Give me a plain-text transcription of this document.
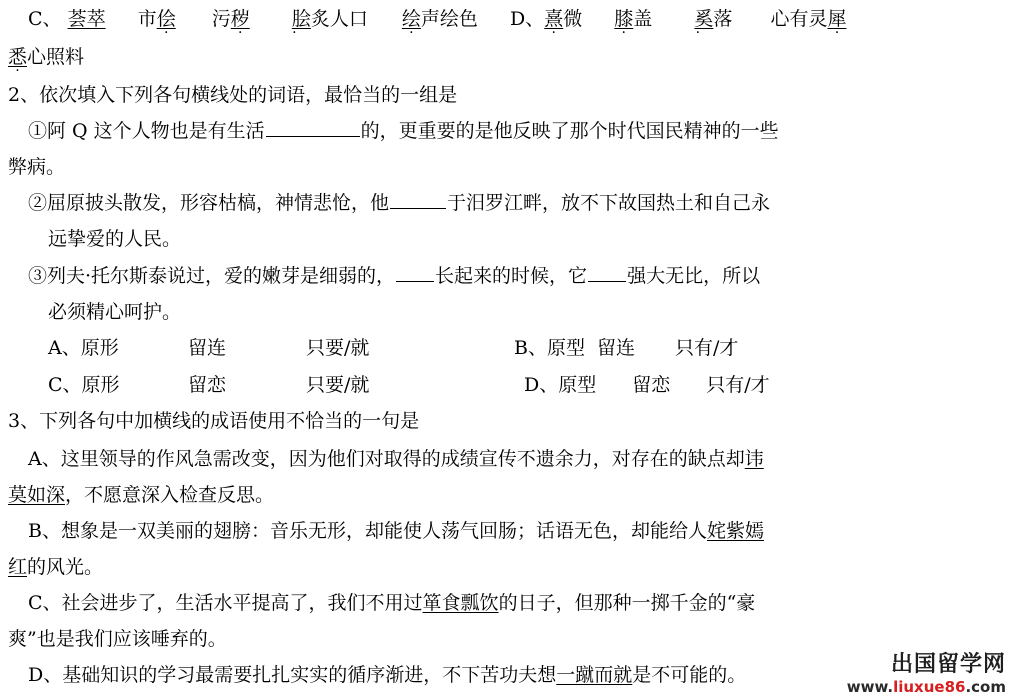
C、 荟萃 市侩 污秽 脍炙人口 绘声绘色 D、熹微 膝盖 奚落 心有灵犀
悉心照料
2、依次填入下列各句横线处的词语，最恰当的一组是
①阿 Q 这个人物也是有生活	的，更重要的是他反映了那个时代国民精神的一些
弊病。
②屈原披头散发，形容枯槁，神情悲怆，他	于汨罗江畔，放不下故国热土和自己永
远挚爱的人民。
③列夫·托尔斯泰说过，爱的嫩芽是细弱的， 长起来的时候，它 强大无比，所以
必须精心呵护。
A、原形	留连	只要/就	B、原型 留连 只有/才
C、原形	留恋	只要/就	D、原型 留恋 只有/才
3、下列各句中加横线的成语使用不恰当的一句是
A、这里领导的作风急需改变，因为他们对取得的成绩宣传不遗余力，对存在的缺点却讳
莫如深，不愿意深入检查反思。
B、想象是一双美丽的翅膀：音乐无形，却能使人荡气回肠；话语无色，却能给人姹紫嫣
红的风光。
C、社会进步了，生活水平提高了，我们不用过箪食瓢饮的日子，但那种一掷千金的“豪
爽”也是我们应该唾弃的。
D、基础知识的学习最需要扎扎实实的循序渐进，不下苦功夫想一蹴而就是不可能的。	出国留学网
www.liuxue86.com
